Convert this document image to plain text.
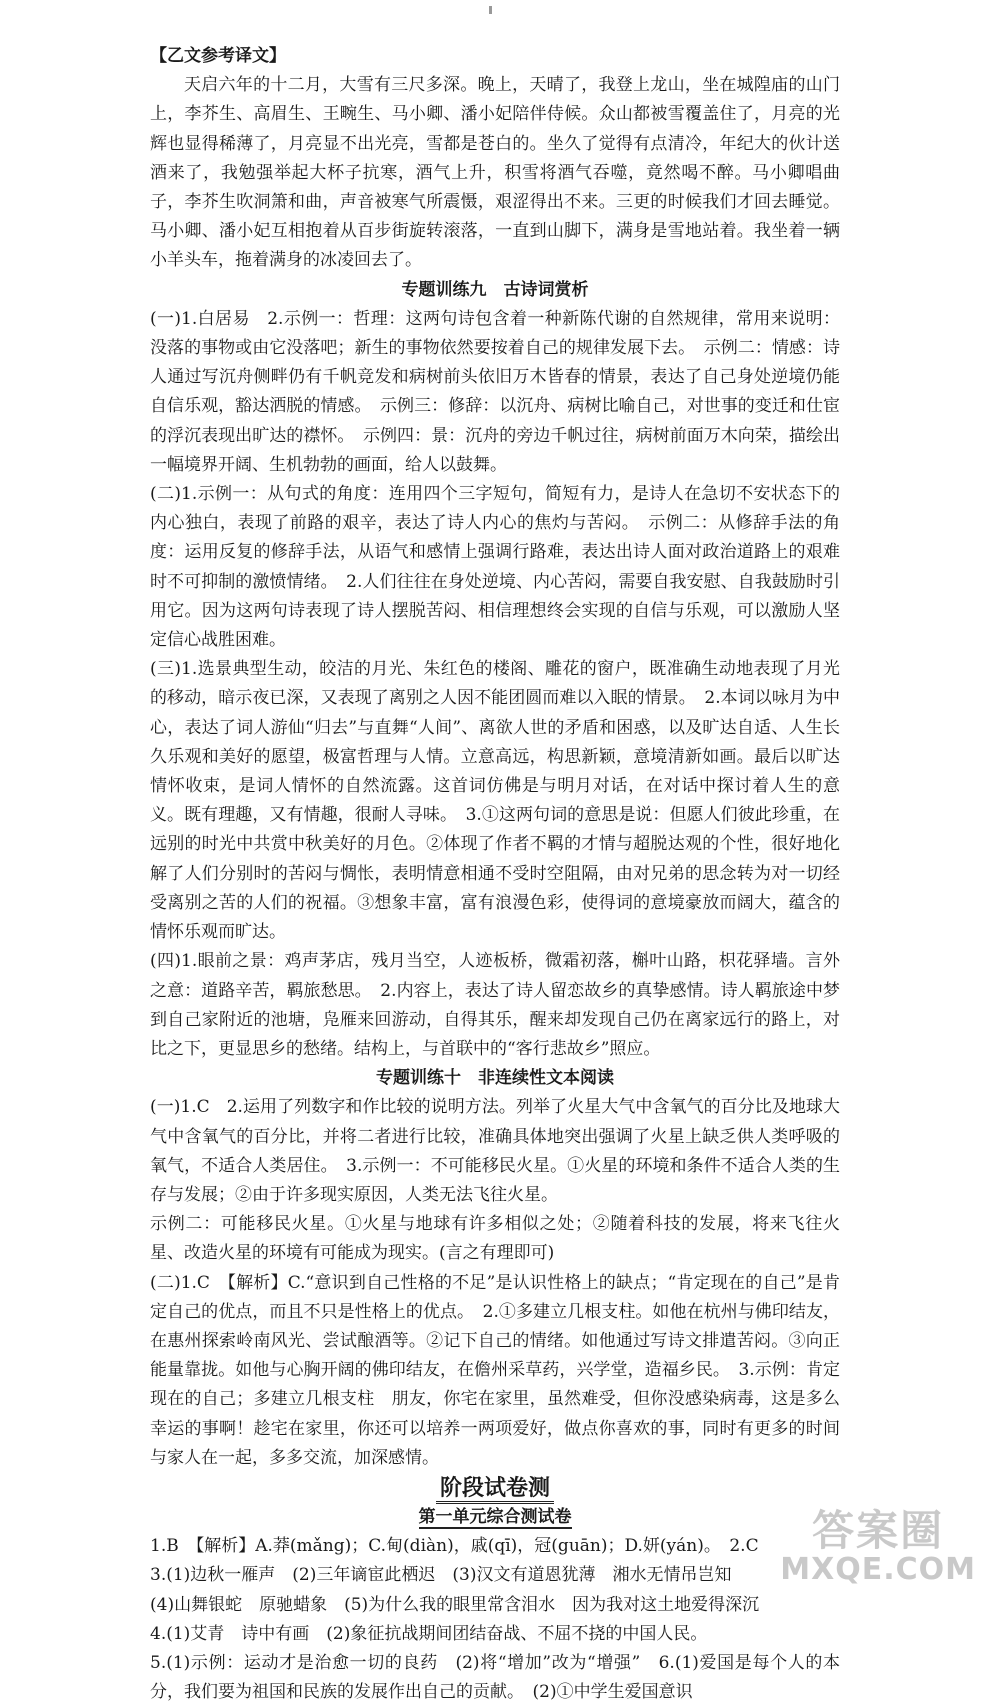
【乙文参考译文】

天启六年的十二月，大雪有三尺多深。晚上，天晴了，我登上龙山，坐在城隍庙的山门上，李芥生、高眉生、王畹生、马小卿、潘小妃陪伴侍候。众山都被雪覆盖住了，月亮的光辉也显得稀薄了，月亮显不出光亮，雪都是苍白的。坐久了觉得有点清冷，年纪大的伙计送酒来了，我勉强举起大杯子抗寒，酒气上升，积雪将酒气吞噬，竟然喝不醉。马小卿唱曲子，李芥生吹洞箫和曲，声音被寒气所震慑，艰涩得出不来。三更的时候我们才回去睡觉。马小卿、潘小妃互相抱着从百步街旋转滚落，一直到山脚下，满身是雪地站着。我坐着一辆小羊头车，拖着满身的冰凌回去了。

专题训练九　古诗词赏析

(一)1.白居易　2.示例一：哲理：这两句诗包含着一种新陈代谢的自然规律，常用来说明：没落的事物或由它没落吧；新生的事物依然要按着自己的规律发展下去。　示例二：情感：诗人通过写沉舟侧畔仍有千帆竞发和病树前头依旧万木皆春的情景，表达了自己身处逆境仍能自信乐观，豁达洒脱的情感。　示例三：修辞：以沉舟、病树比喻自己，对世事的变迁和仕宦的浮沉表现出旷达的襟怀。　示例四：景：沉舟的旁边千帆过往，病树前面万木向荣，描绘出一幅境界开阔、生机勃勃的画面，给人以鼓舞。

(二)1.示例一：从句式的角度：连用四个三字短句，简短有力，是诗人在急切不安状态下的内心独白，表现了前路的艰辛，表达了诗人内心的焦灼与苦闷。　示例二：从修辞手法的角度：运用反复的修辞手法，从语气和感情上强调行路难，表达出诗人面对政治道路上的艰难时不可抑制的激愤情绪。　2.人们往往在身处逆境、内心苦闷，需要自我安慰、自我鼓励时引用它。因为这两句诗表现了诗人摆脱苦闷、相信理想终会实现的自信与乐观，可以激励人坚定信心战胜困难。

(三)1.选景典型生动，皎洁的月光、朱红色的楼阁、雕花的窗户，既准确生动地表现了月光的移动，暗示夜已深，又表现了离别之人因不能团圆而难以入眠的情景。　2.本词以咏月为中心，表达了词人游仙“归去”与直舞“人间”、离欲人世的矛盾和困惑，以及旷达自适、人生长久乐观和美好的愿望，极富哲理与人情。立意高远，构思新颖，意境清新如画。最后以旷达情怀收束，是词人情怀的自然流露。这首词仿佛是与明月对话，在对话中探讨着人生的意义。既有理趣，又有情趣，很耐人寻味。　3.①这两句词的意思是说：但愿人们彼此珍重，在远别的时光中共赏中秋美好的月色。②体现了作者不羁的才情与超脱达观的个性，很好地化解了人们分别时的苦闷与惆怅，表明情意相通不受时空阻隔，由对兄弟的思念转为对一切经受离别之苦的人们的祝福。③想象丰富，富有浪漫色彩，使得词的意境豪放而阔大，蕴含的情怀乐观而旷达。

(四)1.眼前之景：鸡声茅店，残月当空，人迹板桥，微霜初落，槲叶山路，枳花驿墙。言外之意：道路辛苦，羁旅愁思。　2.内容上，表达了诗人留恋故乡的真挚感情。诗人羁旅途中梦到自己家附近的池塘，凫雁来回游动，自得其乐，醒来却发现自己仍在离家远行的路上，对比之下，更显思乡的愁绪。结构上，与首联中的“客行悲故乡”照应。

专题训练十　非连续性文本阅读

(一)1.C　2.运用了列数字和作比较的说明方法。列举了火星大气中含氧气的百分比及地球大气中含氧气的百分比，并将二者进行比较，准确具体地突出强调了火星上缺乏供人类呼吸的氧气，不适合人类居住。　3.示例一：不可能移民火星。①火星的环境和条件不适合人类的生存与发展；②由于许多现实原因，人类无法飞往火星。

示例二：可能移民火星。①火星与地球有许多相似之处；②随着科技的发展，将来飞往火星、改造火星的环境有可能成为现实。(言之有理即可)

(二)1.C　【解析】C.“意识到自己性格的不足”是认识性格上的缺点；“肯定现在的自己”是肯定自己的优点，而且不只是性格上的优点。　2.①多建立几根支柱。如他在杭州与佛印结友，在惠州探索岭南风光、尝试酿酒等。②记下自己的情绪。如他通过写诗文排遣苦闷。③向正能量靠拢。如他与心胸开阔的佛印结友，在儋州采草药，兴学堂，造福乡民。　3.示例：肯定现在的自己；多建立几根支柱　朋友，你宅在家里，虽然难受，但你没感染病毒，这是多么幸运的事啊！趁宅在家里，你还可以培养一两项爱好，做点你喜欢的事，同时有更多的时间与家人在一起，多多交流，加深感情。

阶段试卷测

第一单元综合测试卷

1.B　【解析】A.莽(mǎng)；C.甸(diàn)，戚(qī)，冠(guān)；D.妍(yán)。　2.C

3.(1)边秋一雁声　(2)三年谪宦此栖迟　(3)汉文有道恩犹薄　湘水无情吊岂知

(4)山舞银蛇　原驰蜡象　(5)为什么我的眼里常含泪水　因为我对这土地爱得深沉

4.(1)艾青　诗中有画　(2)象征抗战期间团结奋战、不屈不挠的中国人民。

5.(1)示例：运动才是治愈一切的良药　(2)将“增加”改为“增强”　6.(1)爱国是每个人的本分，我们要为祖国和民族的发展作出自己的贡献。　(2)①中学生爱国意识

答案圈
MXQE.COM
